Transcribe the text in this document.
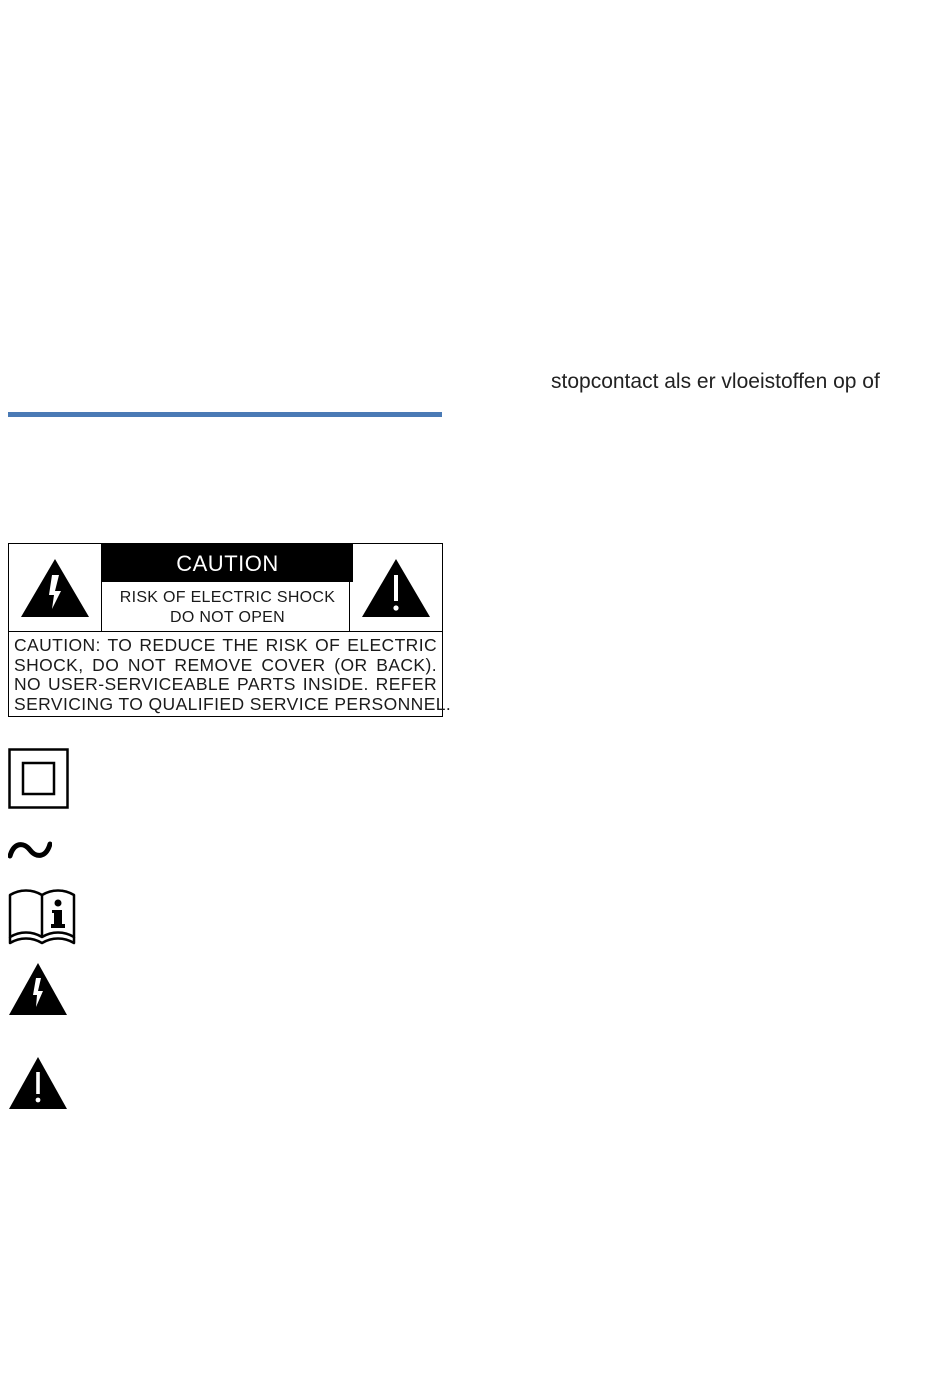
stopcontact als er vloeistoffen op of
CAUTION
RISK OF ELECTRIC SHOCK
DO NOT OPEN
CAUTION: TO REDUCE THE RISK OF ELECTRIC
SHOCK, DO NOT REMOVE COVER (OR BACK).
NO USER-SERVICEABLE PARTS INSIDE. REFER
SERVICING TO QUALIFIED SERVICE PERSONNEL.
